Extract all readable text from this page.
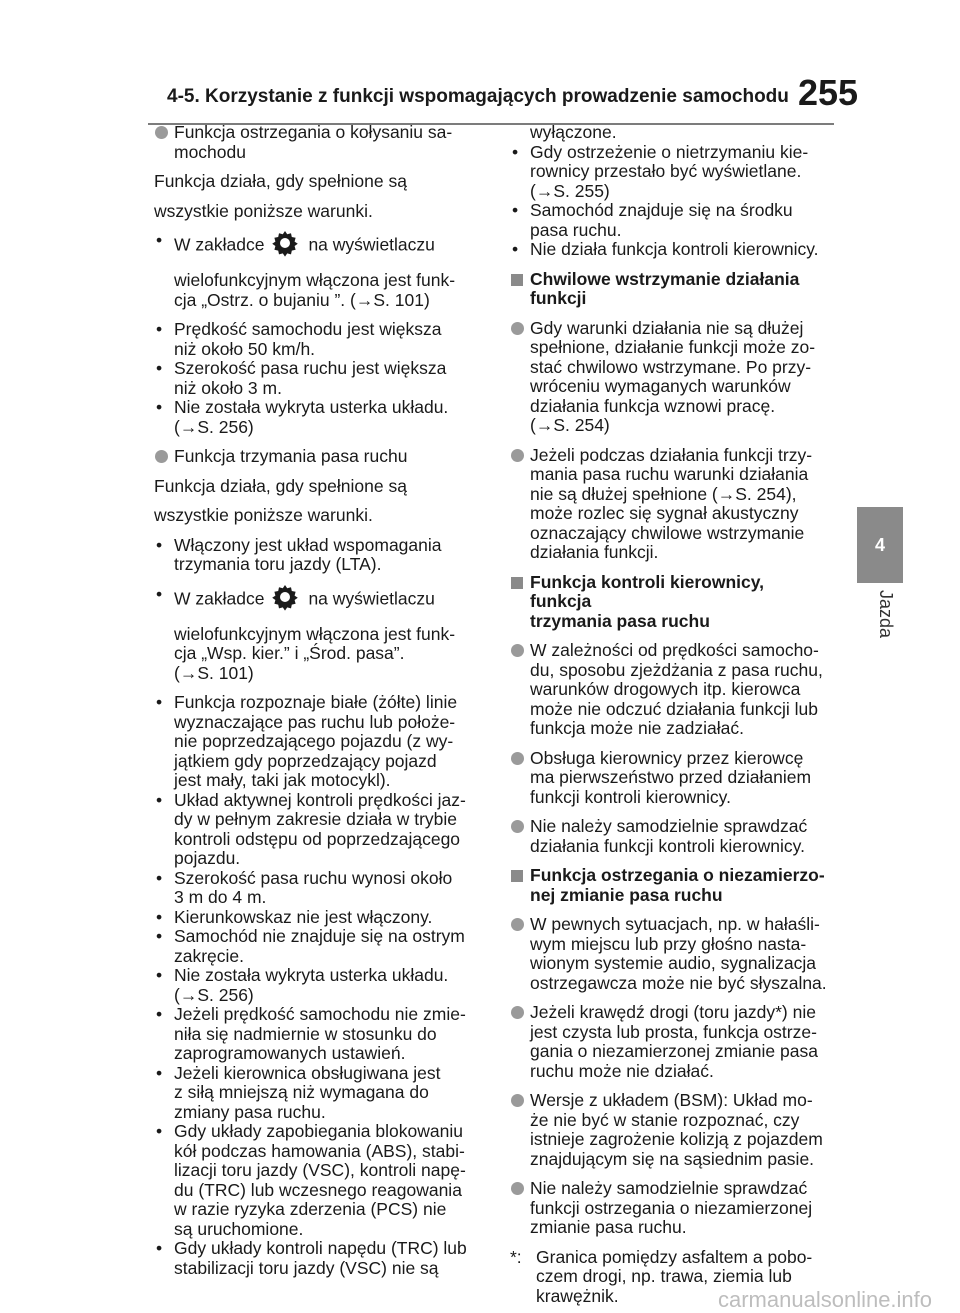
4-5. Korzystanie z funkcji wspomagających prowadzenie samochodu 255
4
Jazda
Funkcja ostrzegania o kołysaniu sa-
mochodu
Funkcja działa, gdy spełnione są
wszystkie poniższe warunki.
• W zakładce	na wyświetlaczu
wielofunkcyjnym włączona jest funk-
cja „Ostrz. o bujaniu ”. (→S. 101)
• Prędkość samochodu jest większa
niż około 50 km/h.
• Szerokość pasa ruchu jest większa
niż około 3 m.
• Nie została wykryta usterka układu.
(→S. 256)
Funkcja trzymania pasa ruchu
Funkcja działa, gdy spełnione są
wszystkie poniższe warunki.
• Włączony jest układ wspomagania
trzymania toru jazdy (LTA).
• W zakładce	na wyświetlaczu
wielofunkcyjnym włączona jest funk-
cja „Wsp. kier.” i „Środ. pasa”.
(→S. 101)
• Funkcja rozpoznaje białe (żółte) linie
wyznaczające pas ruchu lub położe-
nie poprzedzającego pojazdu (z wy-
jątkiem gdy poprzedzający pojazd
jest mały, taki jak motocykl).
• Układ aktywnej kontroli prędkości jaz-
dy w pełnym zakresie działa w trybie
kontroli odstępu od poprzedzającego
pojazdu.
• Szerokość pasa ruchu wynosi około
3 m do 4 m.
• Kierunkowskaz nie jest włączony.
• Samochód nie znajduje się na ostrym
zakręcie.
• Nie została wykryta usterka układu.
(→S. 256)
• Jeżeli prędkość samochodu nie zmie-
niła się nadmiernie w stosunku do
zaprogramowanych ustawień.
• Jeżeli kierownica obsługiwana jest
z siłą mniejszą niż wymagana do
zmiany pasa ruchu.
• Gdy układy zapobiegania blokowaniu
kół podczas hamowania (ABS), stabi-
lizacji toru jazdy (VSC), kontroli napę-
du (TRC) lub wczesnego reagowania
w razie ryzyka zderzenia (PCS) nie
są uruchomione.
• Gdy układy kontroli napędu (TRC) lub
stabilizacji toru jazdy (VSC) nie są
wyłączone.
• Gdy ostrzeżenie o nietrzymaniu kie-
rownicy przestało być wyświetlane.
(→S. 255)
• Samochód znajduje się na środku
pasa ruchu.
• Nie działa funkcja kontroli kierownicy.
Chwilowe wstrzymanie działania
funkcji
Gdy warunki działania nie są dłużej
spełnione, działanie funkcji może zo-
stać chwilowo wstrzymane. Po przy-
wróceniu wymaganych warunków
działania funkcja wznowi pracę.
(→S. 254)
Jeżeli podczas działania funkcji trzy-
mania pasa ruchu warunki działania
nie są dłużej spełnione (→S. 254),
może rozlec się sygnał akustyczny
oznaczający chwilowe wstrzymanie
działania funkcji.
Funkcja kontroli kierownicy, funkcja
trzymania pasa ruchu
W zależności od prędkości samocho-
du, sposobu zjeżdżania z pasa ruchu,
warunków drogowych itp. kierowca
może nie odczuć działania funkcji lub
funkcja może nie zadziałać.
Obsługa kierownicy przez kierowcę
ma pierwszeństwo przed działaniem
funkcji kontroli kierownicy.
Nie należy samodzielnie sprawdzać
działania funkcji kontroli kierownicy.
Funkcja ostrzegania o niezamierzo-
nej zmianie pasa ruchu
W pewnych sytuacjach, np. w hałaśli-
wym miejscu lub przy głośno nasta-
wionym systemie audio, sygnalizacja
ostrzegawcza może nie być słyszalna.
Jeżeli krawędź drogi (toru jazdy*) nie
jest czysta lub prosta, funkcja ostrze-
gania o niezamierzonej zmianie pasa
ruchu może nie działać.
Wersje z układem (BSM): Układ mo-
że nie być w stanie rozpoznać, czy
istnieje zagrożenie kolizją z pojazdem
znajdującym się na sąsiednim pasie.
Nie należy samodzielnie sprawdzać
funkcji ostrzegania o niezamierzonej
zmianie pasa ruchu.
*: Granica pomiędzy asfaltem a pobo-
czem drogi, np. trawa, ziemia lub
krawężnik.	carmanualsonline.info
